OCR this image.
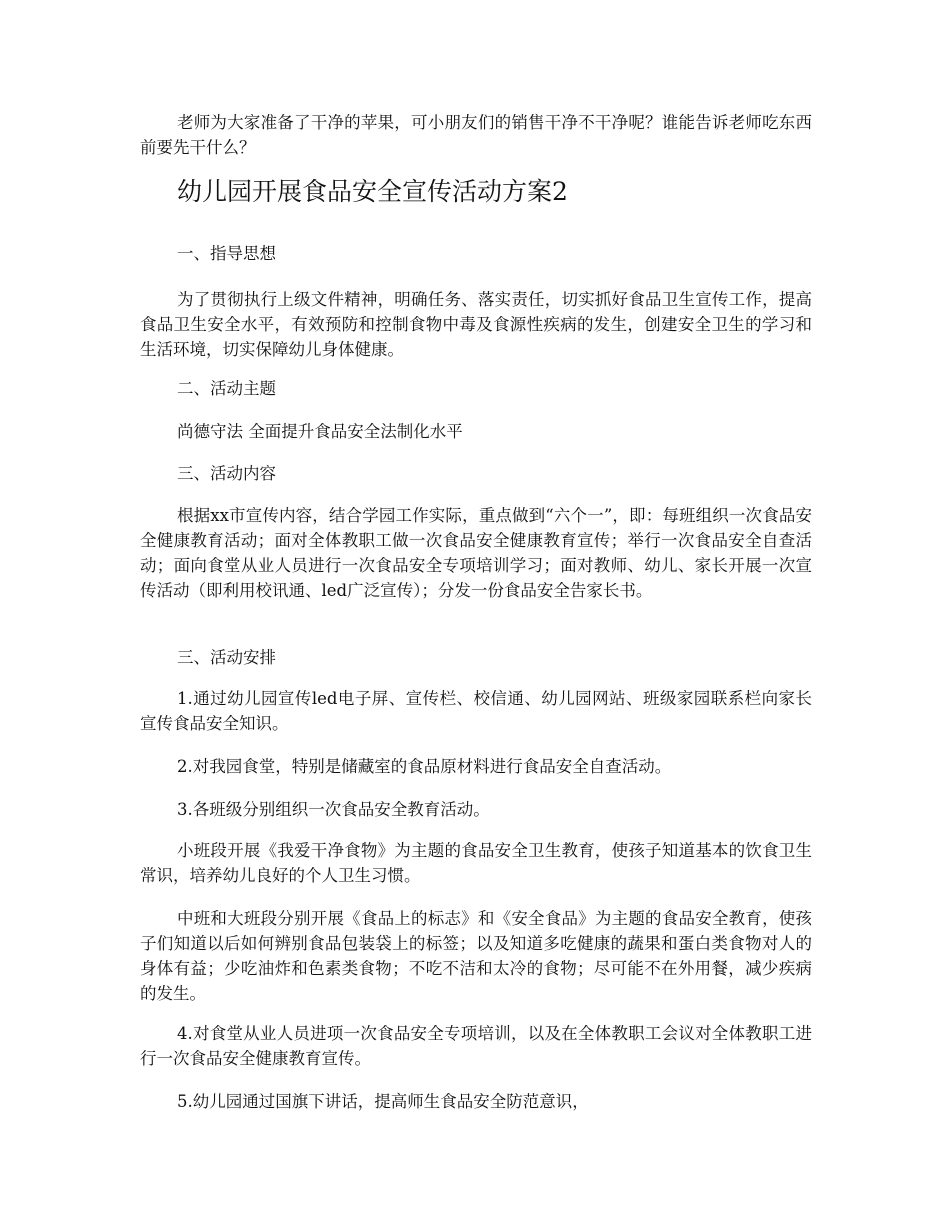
老师为大家准备了干净的苹果，可小朋友们的销售干净不干净呢？谁能告诉老师吃东西前要先干什么？

幼儿园开展食品安全宣传活动方案2

一、指导思想

为了贯彻执行上级文件精神，明确任务、落实责任，切实抓好食品卫生宣传工作，提高食品卫生安全水平，有效预防和控制食物中毒及食源性疾病的发生，创建安全卫生的学习和生活环境，切实保障幼儿身体健康。

二、活动主题

尚德守法 全面提升食品安全法制化水平

三、活动内容

根据xx市宣传内容，结合学园工作实际，重点做到“六个一”，即：每班组织一次食品安全健康教育活动；面对全体教职工做一次食品安全健康教育宣传；举行一次食品安全自查活动；面向食堂从业人员进行一次食品安全专项培训学习；面对教师、幼儿、家长开展一次宣传活动（即利用校讯通、led广泛宣传）；分发一份食品安全告家长书。

三、活动安排

1.通过幼儿园宣传led电子屏、宣传栏、校信通、幼儿园网站、班级家园联系栏向家长宣传食品安全知识。

2.对我园食堂，特别是储藏室的食品原材料进行食品安全自查活动。

3.各班级分别组织一次食品安全教育活动。

小班段开展《我爱干净食物》为主题的食品安全卫生教育，使孩子知道基本的饮食卫生常识，培养幼儿良好的个人卫生习惯。

中班和大班段分别开展《食品上的标志》和《安全食品》为主题的食品安全教育，使孩子们知道以后如何辨别食品包装袋上的标签；以及知道多吃健康的蔬果和蛋白类食物对人的身体有益；少吃油炸和色素类食物；不吃不洁和太冷的食物；尽可能不在外用餐，减少疾病的发生。

4.对食堂从业人员进项一次食品安全专项培训，以及在全体教职工会议对全体教职工进行一次食品安全健康教育宣传。

5.幼儿园通过国旗下讲话，提高师生食品安全防范意识，
